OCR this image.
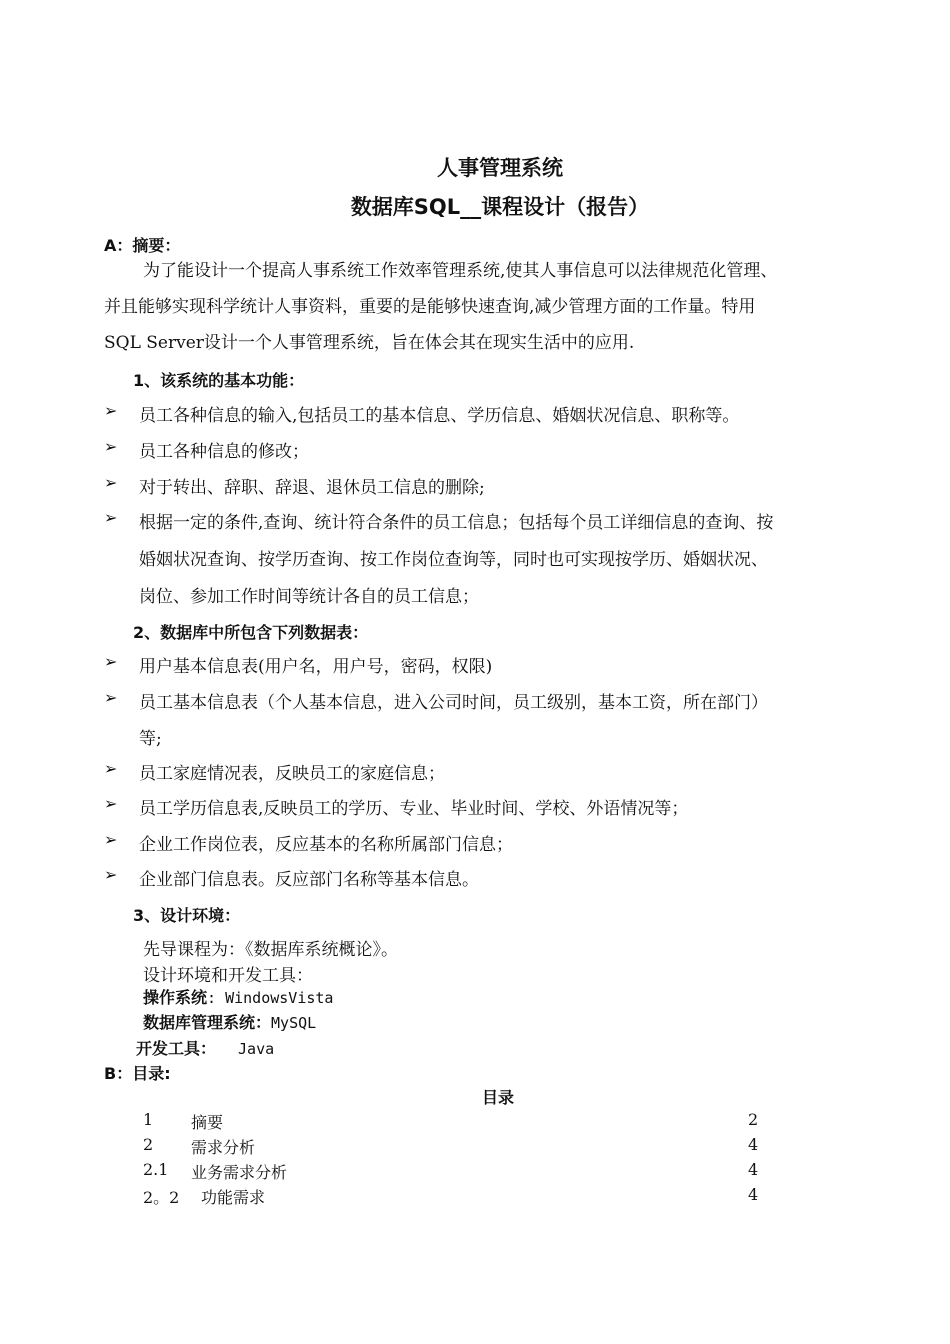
人事管理系统
数据库SQL__课程设计（报告）
A：摘要：
为了能设计一个提高人事系统工作效率管理系统,使其人事信息可以法律规范化管理、
并且能够实现科学统计人事资料，重要的是能够快速查询,减少管理方面的工作量。特用
SQL Server设计一个人事管理系统，旨在体会其在现实生活中的应用.
1、该系统的基本功能：
➢ 员工各种信息的输入,包括员工的基本信息、学历信息、婚姻状况信息、职称等。
➢ 员工各种信息的修改；
➢ 对于转出、辞职、辞退、退休员工信息的删除;
➢ 根据一定的条件,查询、统计符合条件的员工信息；包括每个员工详细信息的查询、按
婚姻状况查询、按学历查询、按工作岗位查询等，同时也可实现按学历、婚姻状况、
岗位、参加工作时间等统计各自的员工信息；
2、数据库中所包含下列数据表：
➢ 用户基本信息表(用户名，用户号，密码，权限)
➢ 员工基本信息表（个人基本信息，进入公司时间，员工级别，基本工资，所在部门）
等;
➢ 员工家庭情况表，反映员工的家庭信息；
➢ 员工学历信息表,反映员工的学历、专业、毕业时间、学校、外语情况等；
➢ 企业工作岗位表，反应基本的名称所属部门信息；
➢ 企业部门信息表。反应部门名称等基本信息。
3、设计环境：
先导课程为：《数据库系统概论》。
设计环境和开发工具：
操作系统: WindowsVista
数据库管理系统：MySQL
开发工具： Java
B：目录:
目录
1 摘要	2
2 需求分析	4
2.1 业务需求分析	4
2。2 功能需求	4
